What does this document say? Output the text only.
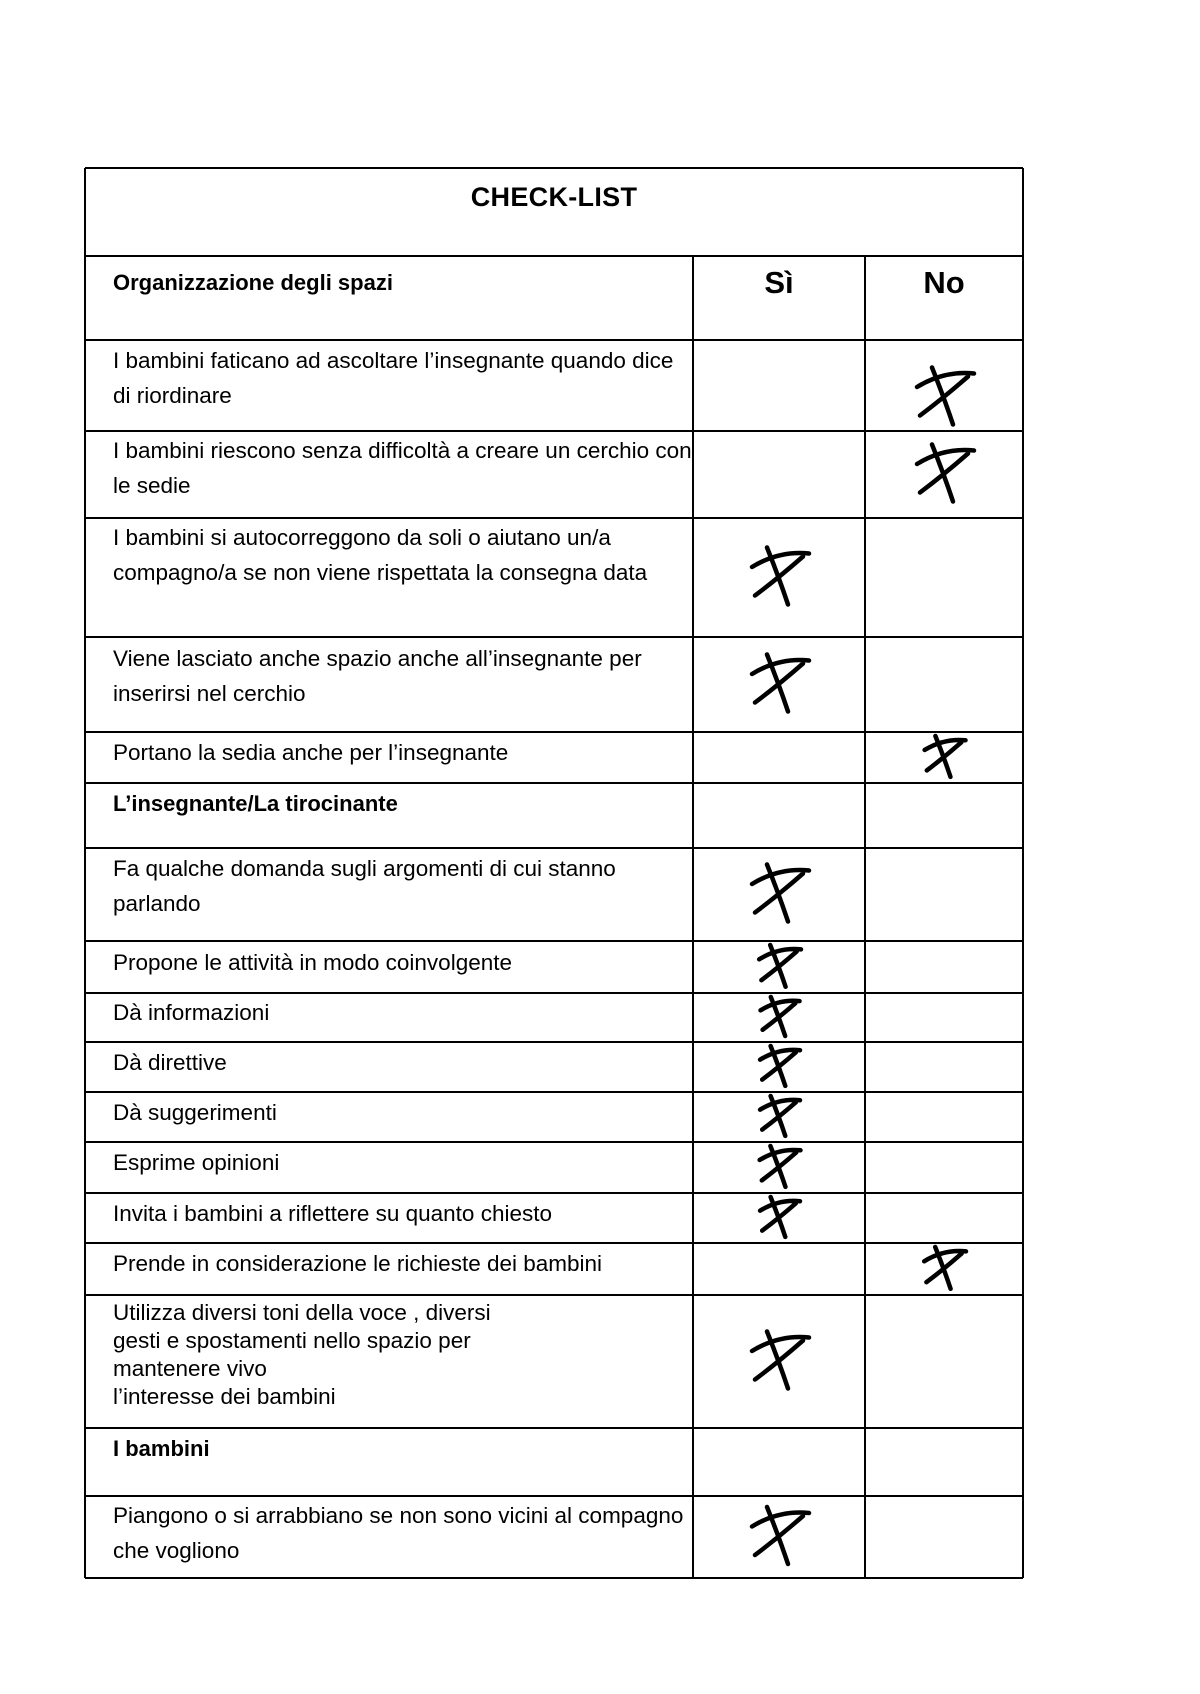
CHECK-LIST
Organizzazione degli spazi	Sì	No
I bambini faticano ad ascoltare l’insegnante quando dice di riordinare
I bambini riescono senza difficoltà a creare un cerchio con le sedie
I bambini si autocorreggono da soli o aiutano un/a compagno/a se non viene rispettata la consegna data
Viene lasciato anche spazio anche all’insegnante per inserirsi nel cerchio
Portano la sedia anche per l’insegnante
L’insegnante/La tirocinante
Fa qualche domanda sugli argomenti di cui stanno parlando
Propone le attività in modo coinvolgente
Dà informazioni
Dà direttive
Dà suggerimenti
Esprime opinioni
Invita i bambini a riflettere su quanto chiesto
Prende in considerazione le richieste dei bambini
Utilizza diversi toni della voce , diversi
gesti e spostamenti nello spazio per
mantenere vivo
l’interesse dei bambini
I bambini
Piangono o si arrabbiano se non sono vicini al compagno che vogliono
